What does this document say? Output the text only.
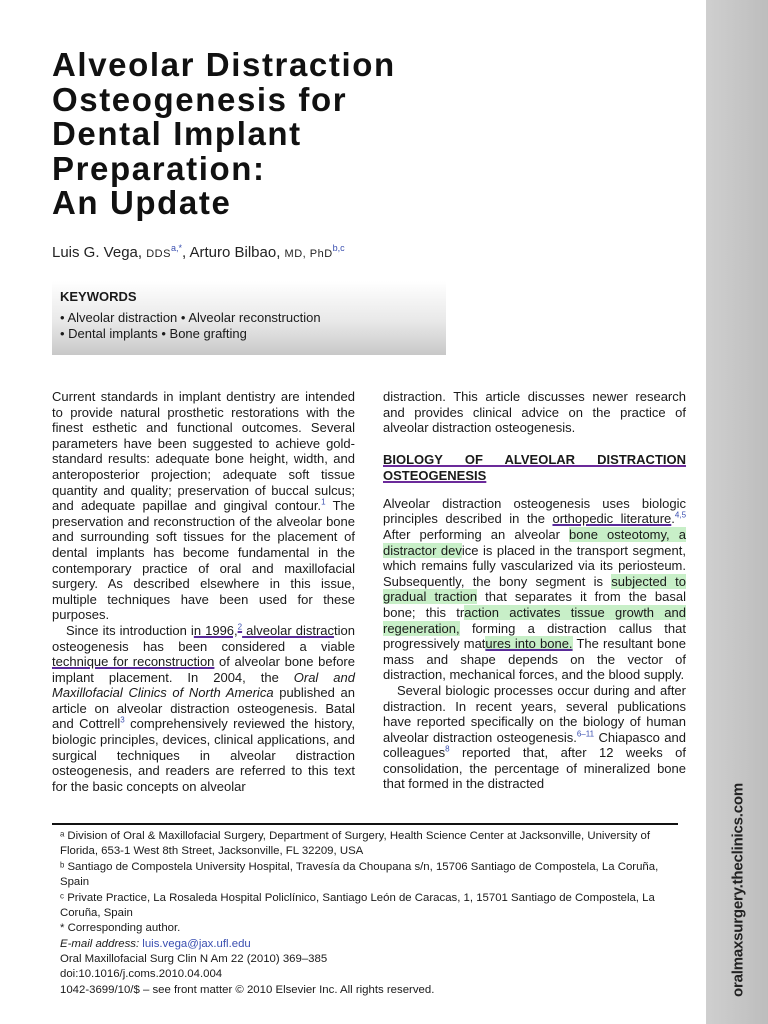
oralmaxsurgery.theclinics.com
Alveolar Distraction
Osteogenesis for
Dental Implant
Preparation:
An Update
Luis G. Vega, $DDS^{a,*}$, Arturo Bilbao, MD, PhD$^{b,c}$
KEYWORDS
• Alveolar distraction • Alveolar reconstruction
• Dental implants • Bone grafting

Current standards in implant dentistry are intended to provide natural prosthetic restorations with the finest esthetic and functional outcomes. Several parameters have been suggested to achieve gold-standard results: adequate bone height, width, and anteroposterior projection; adequate soft tissue quantity and quality; preservation of buccal sulcus; and adequate papillae and gingival contour.$^1$ The preservation and reconstruction of the alveolar bone and surrounding soft tissues for the placement of dental implants has become fundamental in the contemporary practice of oral and maxillofacial surgery. As described elsewhere in this issue, multiple techniques have been used for these purposes.

Since its introduction in 1996,$^2$ alveolar distraction osteogenesis has been considered a viable technique for reconstruction of alveolar bone before implant placement. In 2004, the Oral and Maxillofacial Clinics of North America published an article on alveolar distraction osteogenesis. Batal and Cottrell$^3$ comprehensively reviewed the history, biologic principles, devices, clinical applications, and surgical techniques in alveolar distraction osteogenesis, and readers are referred to this text for the basic concepts on alveolar

distraction. This article discusses newer research and provides clinical advice on the practice of alveolar distraction osteogenesis.

BIOLOGY OF ALVEOLAR DISTRACTION OSTEOGENESIS

Alveolar distraction osteogenesis uses biologic principles described in the orthopedic literature.$^{4,5}$ After performing an alveolar bone osteotomy, a distractor device is placed in the transport segment, which remains fully vascularized via its periosteum. Subsequently, the bony segment is subjected to gradual traction that separates it from the basal bone; this traction activates tissue growth and regeneration, forming a distraction callus that progressively matures into bone. The resultant bone mass and shape depends on the vector of distraction, mechanical forces, and the blood supply.

Several biologic processes occur during and after distraction. In recent years, several publications have reported specifically on the biology of human alveolar distraction osteogenesis.$^{6-11}$ Chiapasco and colleagues$^8$ reported that, after 12 weeks of consolidation, the percentage of mineralized bone that formed in the distracted

ᵃ Division of Oral & Maxillofacial Surgery, Department of Surgery, Health Science Center at Jacksonville, University of Florida, 653-1 West 8th Street, Jacksonville, FL 32209, USA

ᵇ Santiago de Compostela University Hospital, Travesía da Choupana s/n, 15706 Santiago de Compostela, La Coruña, Spain

ᶜ Private Practice, La Rosaleda Hospital Policlínico, Santiago León de Caracas, 1, 15701 Santiago de Compostela, La Coruña, Spain

* Corresponding author.

E-mail address: luis.vega@jax.ufl.edu

Oral Maxillofacial Surg Clin N Am 22 (2010) 369–385

doi:10.1016/j.coms.2010.04.004

1042-3699/10/$ – see front matter © 2010 Elsevier Inc. All rights reserved.
